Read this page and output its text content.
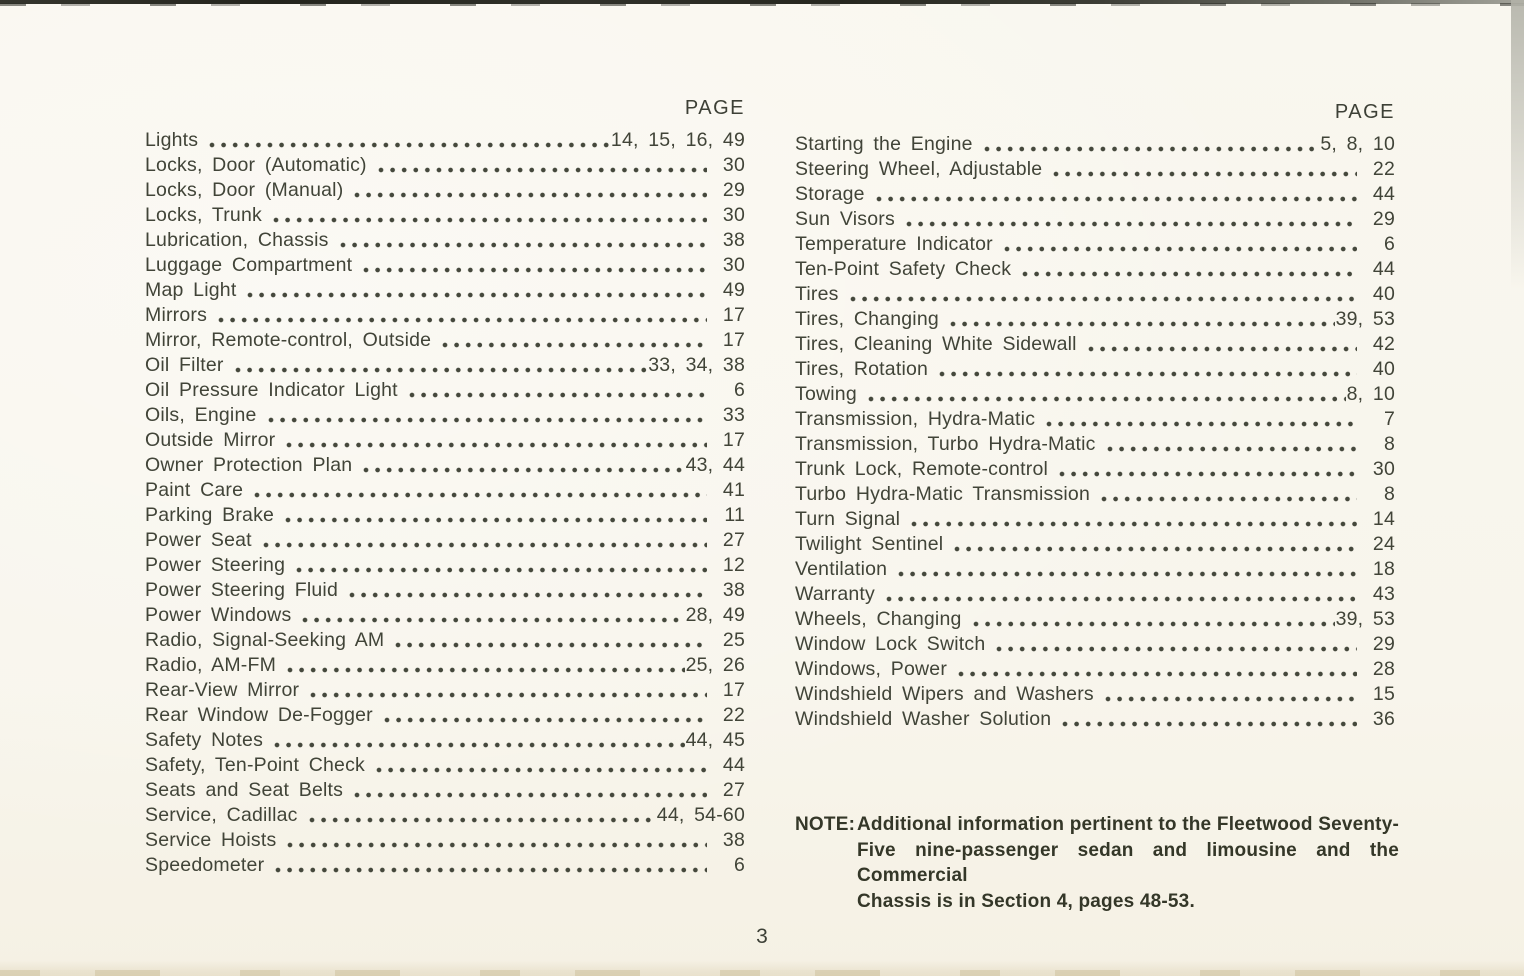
PAGE
Lights	14, 15, 16, 49
Locks, Door (Automatic)	30
Locks, Door (Manual)	29
Locks, Trunk	30
Lubrication, Chassis	38
Luggage Compartment	30
Map Light	49
Mirrors	17
Mirror, Remote-control, Outside	17
Oil Filter	33, 34, 38
Oil Pressure Indicator Light	6
Oils, Engine	33
Outside Mirror	17
Owner Protection Plan	43, 44
Paint Care	41
Parking Brake	11
Power Seat	27
Power Steering	12
Power Steering Fluid	38
Power Windows	28, 49
Radio, Signal-Seeking AM	25
Radio, AM-FM	25, 26
Rear-View Mirror	17
Rear Window De-Fogger	22
Safety Notes	44, 45
Safety, Ten-Point Check	44
Seats and Seat Belts	27
Service, Cadillac	44, 54-60
Service Hoists	38
Speedometer	6
PAGE
Starting the Engine	5, 8, 10
Steering Wheel, Adjustable	22
Storage	44
Sun Visors	29
Temperature Indicator	6
Ten-Point Safety Check	44
Tires	40
Tires, Changing	39, 53
Tires, Cleaning White Sidewall	42
Tires, Rotation	40
Towing	8, 10
Transmission, Hydra-Matic	7
Transmission, Turbo Hydra-Matic	8
Trunk Lock, Remote-control	30
Turbo Hydra-Matic Transmission	8
Turn Signal	14
Twilight Sentinel	24
Ventilation	18
Warranty	43
Wheels, Changing	39, 53
Window Lock Switch	29
Windows, Power	28
Windshield Wipers and Washers	15
Windshield Washer Solution	36
NOTE: Additional information pertinent to the Fleetwood Seventy-
Five nine-passenger sedan and limousine and the Commercial
Chassis is in Section 4, pages 48-53.
3
